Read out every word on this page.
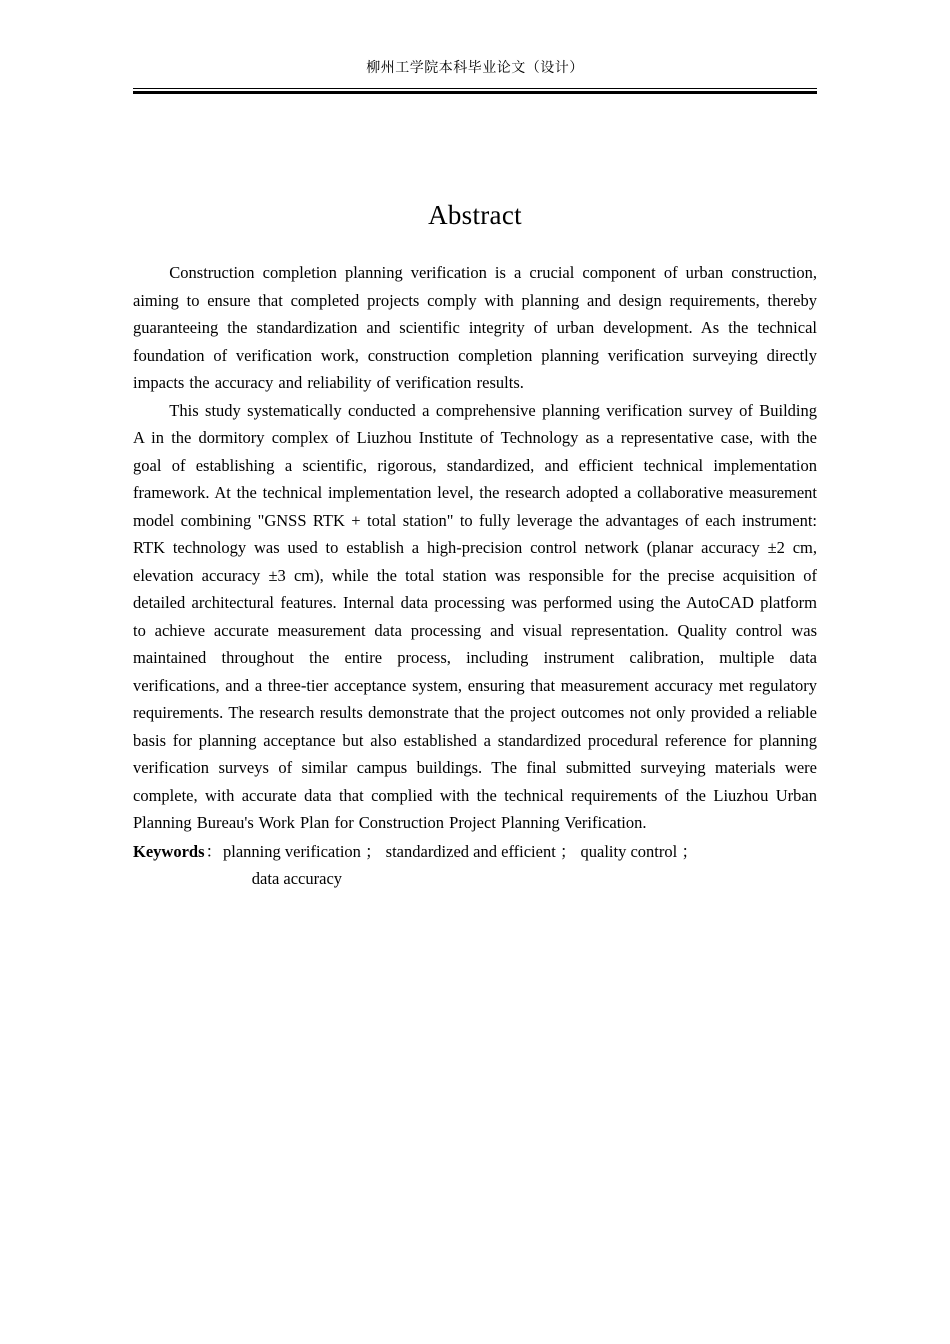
柳州工学院本科毕业论文（设计）
Abstract

Construction completion planning verification is a crucial component of urban construction, aiming to ensure that completed projects comply with planning and design requirements, thereby guaranteeing the standardization and scientific integrity of urban development. As the technical foundation of verification work, construction completion planning verification surveying directly impacts the accuracy and reliability of verification results.

This study systematically conducted a comprehensive planning verification survey of Building A in the dormitory complex of Liuzhou Institute of Technology as a representative case, with the goal of establishing a scientific, rigorous, standardized, and efficient technical implementation framework. At the technical implementation level, the research adopted a collaborative measurement model combining "GNSS RTK + total station" to fully leverage the advantages of each instrument: RTK technology was used to establish a high-precision control network (planar accuracy ±2 cm, elevation accuracy ±3 cm), while the total station was responsible for the precise acquisition of detailed architectural features. Internal data processing was performed using the AutoCAD platform to achieve accurate measurement data processing and visual representation. Quality control was maintained throughout the entire process, including instrument calibration, multiple data verifications, and a three-tier acceptance system, ensuring that measurement accuracy met regulatory requirements. The research results demonstrate that the project outcomes not only provided a reliable basis for planning acceptance but also established a standardized procedural reference for planning verification surveys of similar campus buildings. The final submitted surveying materials were complete, with accurate data that complied with the technical requirements of the Liuzhou Urban Planning Bureau's Work Plan for Construction Project Planning Verification.

Keywords：planning verification ； standardized and efficient ； quality control ；
data accuracy
